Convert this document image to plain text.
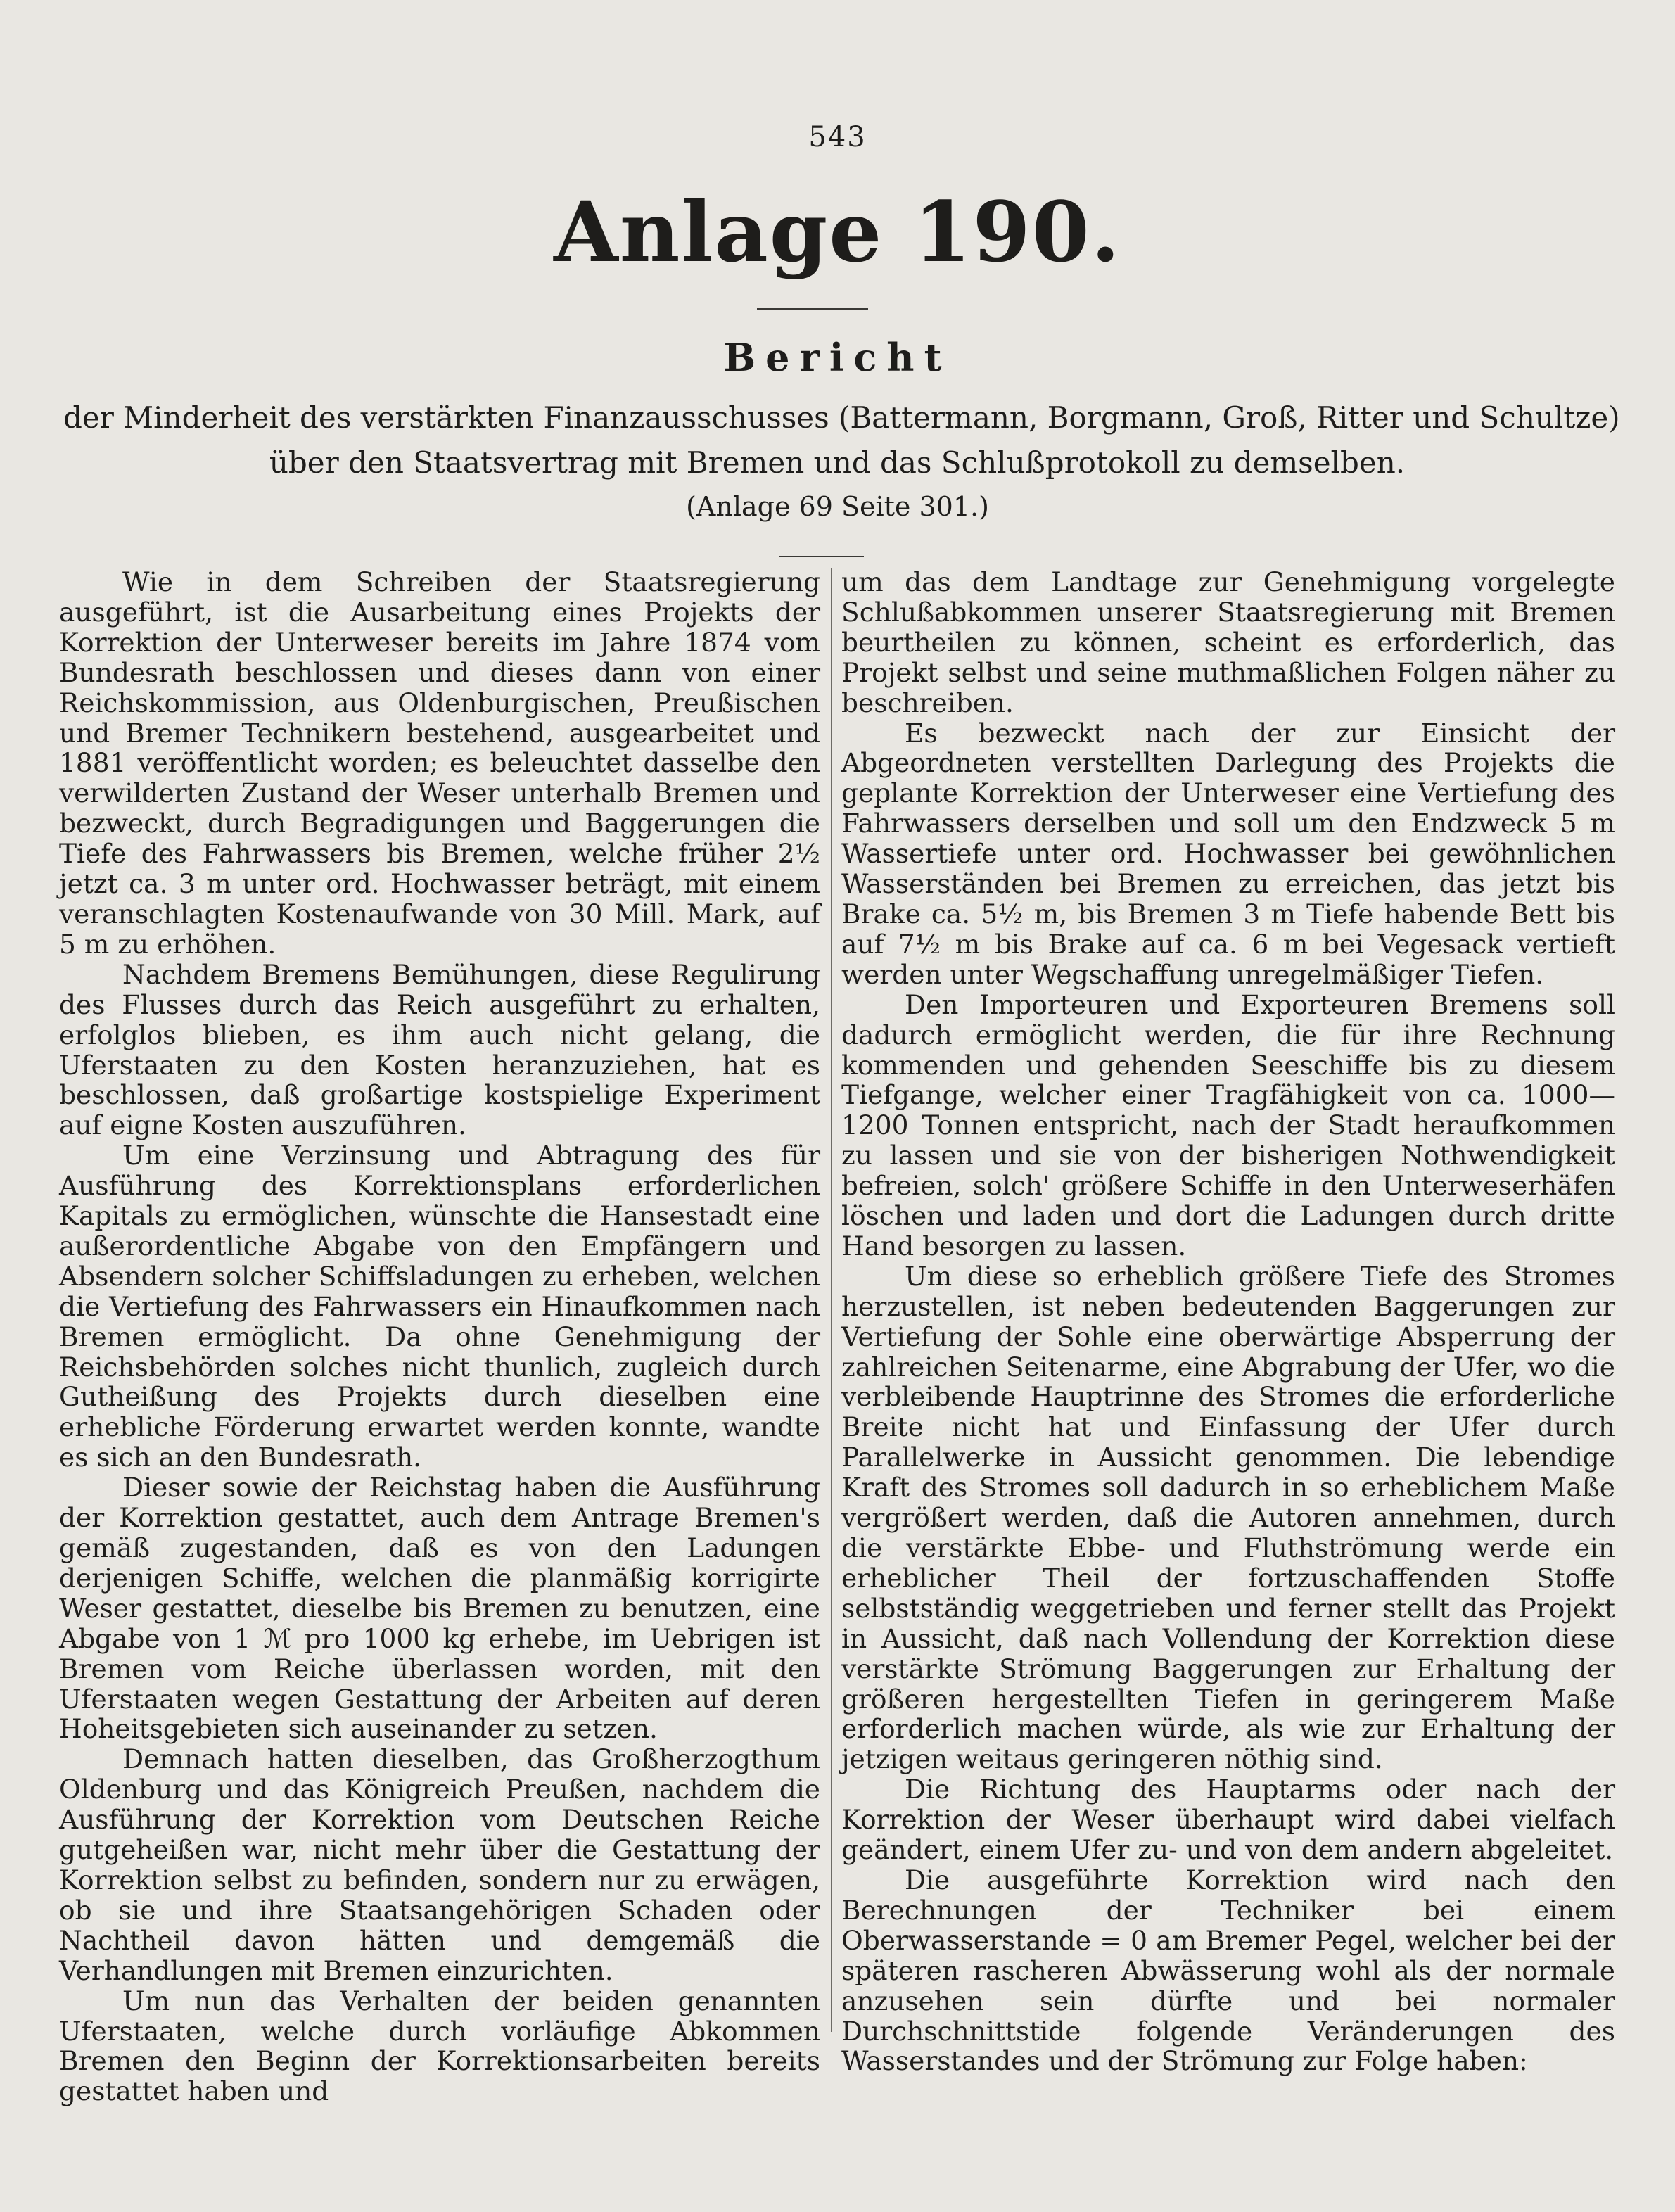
543
Anlage 190.
Bericht
der Minderheit des verstärkten Finanzausschusses (Battermann, Borgmann, Groß, Ritter und Schultze)
über den Staatsvertrag mit Bremen und das Schlußprotokoll zu demselben.
(Anlage 69 Seite 301.)

Wie in dem Schreiben der Staatsregierung ausgeführt, ist die Ausarbeitung eines Projekts der Korrektion der Unterweser bereits im Jahre 1874 vom Bundesrath beschlossen und dieses dann von einer Reichskommission, aus Oldenburgischen, Preußischen und Bremer Technikern bestehend, ausgearbeitet und 1881 veröffentlicht worden; es beleuchtet dasselbe den verwilderten Zustand der Weser unterhalb Bremen und bezweckt, durch Begradigungen und Baggerungen die Tiefe des Fahrwassers bis Bremen, welche früher 2½ jetzt ca. 3 m unter ord. Hochwasser beträgt, mit einem veranschlagten Kostenaufwande von 30 Mill. Mark, auf 5 m zu erhöhen.

Nachdem Bremens Bemühungen, diese Regulirung des Flusses durch das Reich ausgeführt zu erhalten, erfolglos blieben, es ihm auch nicht gelang, die Uferstaaten zu den Kosten heranzuziehen, hat es beschlossen, daß großartige kostspielige Experiment auf eigne Kosten auszuführen.

Um eine Verzinsung und Abtragung des für Ausführung des Korrektionsplans erforderlichen Kapitals zu ermöglichen, wünschte die Hansestadt eine außerordentliche Abgabe von den Empfängern und Absendern solcher Schiffsladungen zu erheben, welchen die Vertiefung des Fahrwassers ein Hinaufkommen nach Bremen ermöglicht. Da ohne Genehmigung der Reichsbehörden solches nicht thunlich, zugleich durch Gutheißung des Projekts durch dieselben eine erhebliche Förderung erwartet werden konnte, wandte es sich an den Bundesrath.

Dieser sowie der Reichstag haben die Ausführung der Korrektion gestattet, auch dem Antrage Bremen's gemäß zugestanden, daß es von den Ladungen derjenigen Schiffe, welchen die planmäßig korrigirte Weser gestattet, dieselbe bis Bremen zu benutzen, eine Abgabe von 1 ℳ pro 1000 kg erhebe, im Uebrigen ist Bremen vom Reiche überlassen worden, mit den Uferstaaten wegen Gestattung der Arbeiten auf deren Hoheitsgebieten sich auseinander zu setzen.

Demnach hatten dieselben, das Großherzogthum Oldenburg und das Königreich Preußen, nachdem die Ausführung der Korrektion vom Deutschen Reiche gutgeheißen war, nicht mehr über die Gestattung der Korrektion selbst zu befinden, sondern nur zu erwägen, ob sie und ihre Staatsangehörigen Schaden oder Nachtheil davon hätten und demgemäß die Verhandlungen mit Bremen einzurichten.

Um nun das Verhalten der beiden genannten Uferstaaten, welche durch vorläufige Abkommen Bremen den Beginn der Korrektionsarbeiten bereits gestattet haben und

um das dem Landtage zur Genehmigung vorgelegte Schlußabkommen unserer Staatsregierung mit Bremen beurtheilen zu können, scheint es erforderlich, das Projekt selbst und seine muthmaßlichen Folgen näher zu beschreiben.

Es bezweckt nach der zur Einsicht der Abgeordneten verstellten Darlegung des Projekts die geplante Korrektion der Unterweser eine Vertiefung des Fahrwassers derselben und soll um den Endzweck 5 m Wassertiefe unter ord. Hochwasser bei gewöhnlichen Wasserständen bei Bremen zu erreichen, das jetzt bis Brake ca. 5½ m, bis Bremen 3 m Tiefe habende Bett bis auf 7½ m bis Brake auf ca. 6 m bei Vegesack vertieft werden unter Wegschaffung unregelmäßiger Tiefen.

Den Importeuren und Exporteuren Bremens soll dadurch ermöglicht werden, die für ihre Rechnung kommenden und gehenden Seeschiffe bis zu diesem Tiefgange, welcher einer Tragfähigkeit von ca. 1000—1200 Tonnen entspricht, nach der Stadt heraufkommen zu lassen und sie von der bisherigen Nothwendigkeit befreien, solch' größere Schiffe in den Unterweserhäfen löschen und laden und dort die Ladungen durch dritte Hand besorgen zu lassen.

Um diese so erheblich größere Tiefe des Stromes herzustellen, ist neben bedeutenden Baggerungen zur Vertiefung der Sohle eine oberwärtige Absperrung der zahlreichen Seitenarme, eine Abgrabung der Ufer, wo die verbleibende Hauptrinne des Stromes die erforderliche Breite nicht hat und Einfassung der Ufer durch Parallelwerke in Aussicht genommen. Die lebendige Kraft des Stromes soll dadurch in so erheblichem Maße vergrößert werden, daß die Autoren annehmen, durch die verstärkte Ebbe- und Fluthströmung werde ein erheblicher Theil der fortzuschaffenden Stoffe selbstständig weggetrieben und ferner stellt das Projekt in Aussicht, daß nach Vollendung der Korrektion diese verstärkte Strömung Baggerungen zur Erhaltung der größeren hergestellten Tiefen in geringerem Maße erforderlich machen würde, als wie zur Erhaltung der jetzigen weitaus geringeren nöthig sind.

Die Richtung des Hauptarms oder nach der Korrektion der Weser überhaupt wird dabei vielfach geändert, einem Ufer zu- und von dem andern abgeleitet.

Die ausgeführte Korrektion wird nach den Berechnungen der Techniker bei einem Oberwasserstande = 0 am Bremer Pegel, welcher bei der späteren rascheren Abwässerung wohl als der normale anzusehen sein dürfte und bei normaler Durchschnittstide folgende Veränderungen des Wasserstandes und der Strömung zur Folge haben:
